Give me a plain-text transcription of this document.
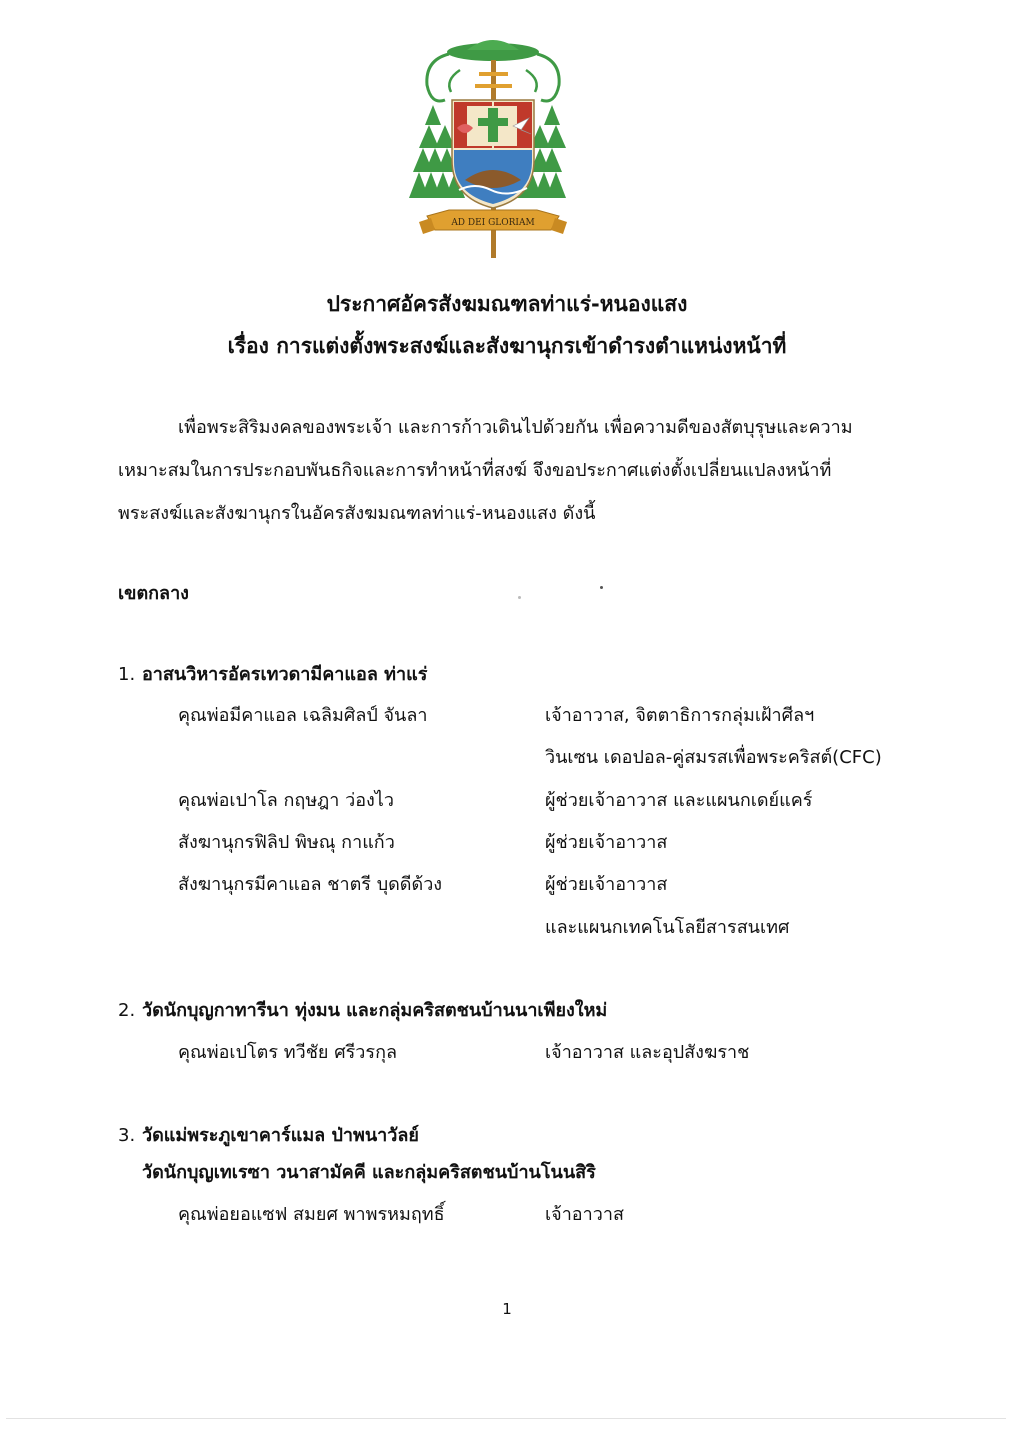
AD DEI GLORIAM
ประกาศอัครสังฆมณฑลท่าแร่-หนองแสง
เรื่อง การแต่งตั้งพระสงฆ์และสังฆานุกรเข้าดำรงตำแหน่งหน้าที่
เพื่อพระสิริมงคลของพระเจ้า และการก้าวเดินไปด้วยกัน เพื่อความดีของสัตบุรุษและความ
เหมาะสมในการประกอบพันธกิจและการทำหน้าที่สงฆ์ จึงขอประกาศแต่งตั้งเปลี่ยนแปลงหน้าที่
พระสงฆ์และสังฆานุกรในอัครสังฆมณฑลท่าแร่-หนองแสง ดังนี้
เขตกลาง
1. อาสนวิหารอัครเทวดามีคาแอล ท่าแร่
คุณพ่อมีคาแอล เฉลิมศิลป์ จันลา	เจ้าอาวาส, จิตตาธิการกลุ่มเฝ้าศีลฯ
วินเซน เดอปอล-คู่สมรสเพื่อพระคริสต์(CFC)
คุณพ่อเปาโล กฤษฎา ว่องไว	ผู้ช่วยเจ้าอาวาส และแผนกเดย์แคร์
สังฆานุกรฟิลิป พิษณุ กาแก้ว	ผู้ช่วยเจ้าอาวาส
สังฆานุกรมีคาแอล ชาตรี บุดดีด้วง	ผู้ช่วยเจ้าอาวาส
และแผนกเทคโนโลยีสารสนเทศ
2. วัดนักบุญกาทารีนา ทุ่งมน และกลุ่มคริสตชนบ้านนาเพียงใหม่
คุณพ่อเปโตร ทวีชัย ศรีวรกุล	เจ้าอาวาส และอุปสังฆราช
3. วัดแม่พระภูเขาคาร์แมล ป่าพนาวัลย์
วัดนักบุญเทเรซา วนาสามัคคี และกลุ่มคริสตชนบ้านโนนสิริ
คุณพ่อยอแซฟ สมยศ พาพรหมฤทธิ์	เจ้าอาวาส
1
